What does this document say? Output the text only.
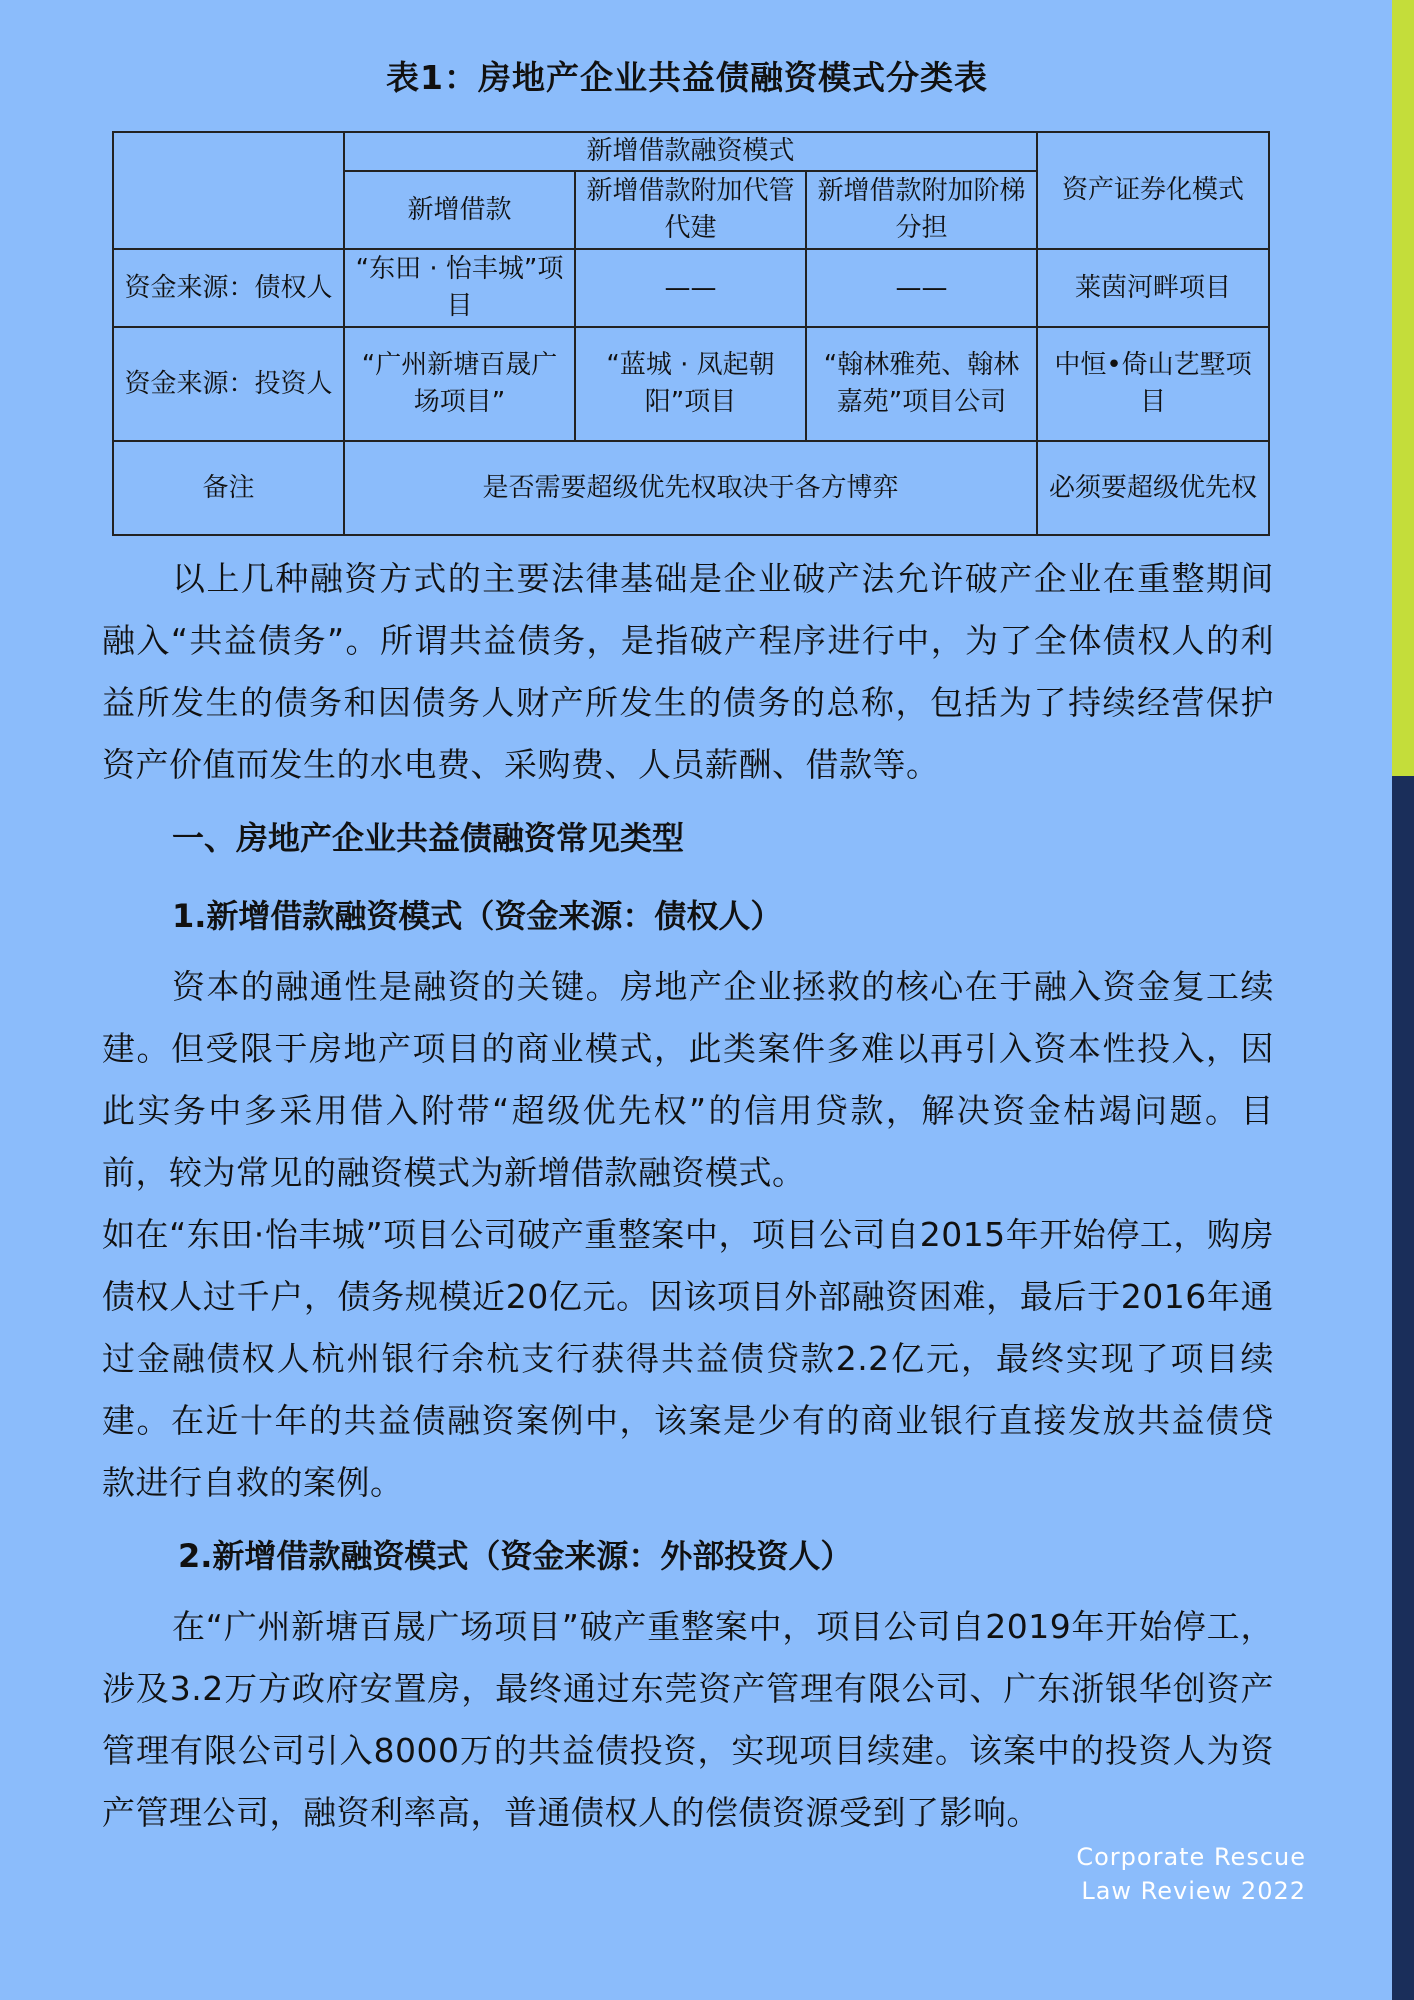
表1：房地产企业共益债融资模式分类表
	新增借款融资模式			资产证券化模式
	新增借款	新增借款附加代管代建	新增借款附加阶梯分担	
资金来源：债权人	“东田 · 怡丰城”项目	——	——	莱茵河畔项目
资金来源：投资人	“广州新塘百晟广场项目”	“蓝城 · 凤起朝阳”项目	“翰林雅苑、翰林嘉苑”项目公司	中恒•倚山艺墅项目
备注	是否需要超级优先权取决于各方博弈			必须要超级优先权

以上几种融资方式的主要法律基础是企业破产法允许破产企业在重整期间融入“共益债务”。所谓共益债务，是指破产程序进行中，为了全体债权人的利益所发生的债务和因债务人财产所发生的债务的总称，包括为了持续经营保护资产价值而发生的水电费、采购费、人员薪酬、借款等。

一、房地产企业共益债融资常见类型
1.新增借款融资模式（资金来源：债权人）

资本的融通性是融资的关键。房地产企业拯救的核心在于融入资金复工续建。但受限于房地产项目的商业模式，此类案件多难以再引入资本性投入，因此实务中多采用借入附带“超级优先权”的信用贷款，解决资金枯竭问题。目前，较为常见的融资模式为新增借款融资模式。

如在“东田·怡丰城”项目公司破产重整案中，项目公司自2015年开始停工，购房债权人过千户，债务规模近20亿元。因该项目外部融资困难，最后于2016年通过金融债权人杭州银行余杭支行获得共益债贷款2.2亿元，最终实现了项目续建。在近十年的共益债融资案例中，该案是少有的商业银行直接发放共益债贷款进行自救的案例。

2.新增借款融资模式（资金来源：外部投资人）

在“广州新塘百晟广场项目”破产重整案中，项目公司自2019年开始停工，涉及3.2万方政府安置房，最终通过东莞资产管理有限公司、广东浙银华创资产管理有限公司引入8000万的共益债投资，实现项目续建。该案中的投资人为资产管理公司，融资利率高，普通债权人的偿债资源受到了影响。

Corporate Rescue
Law Review 2022
